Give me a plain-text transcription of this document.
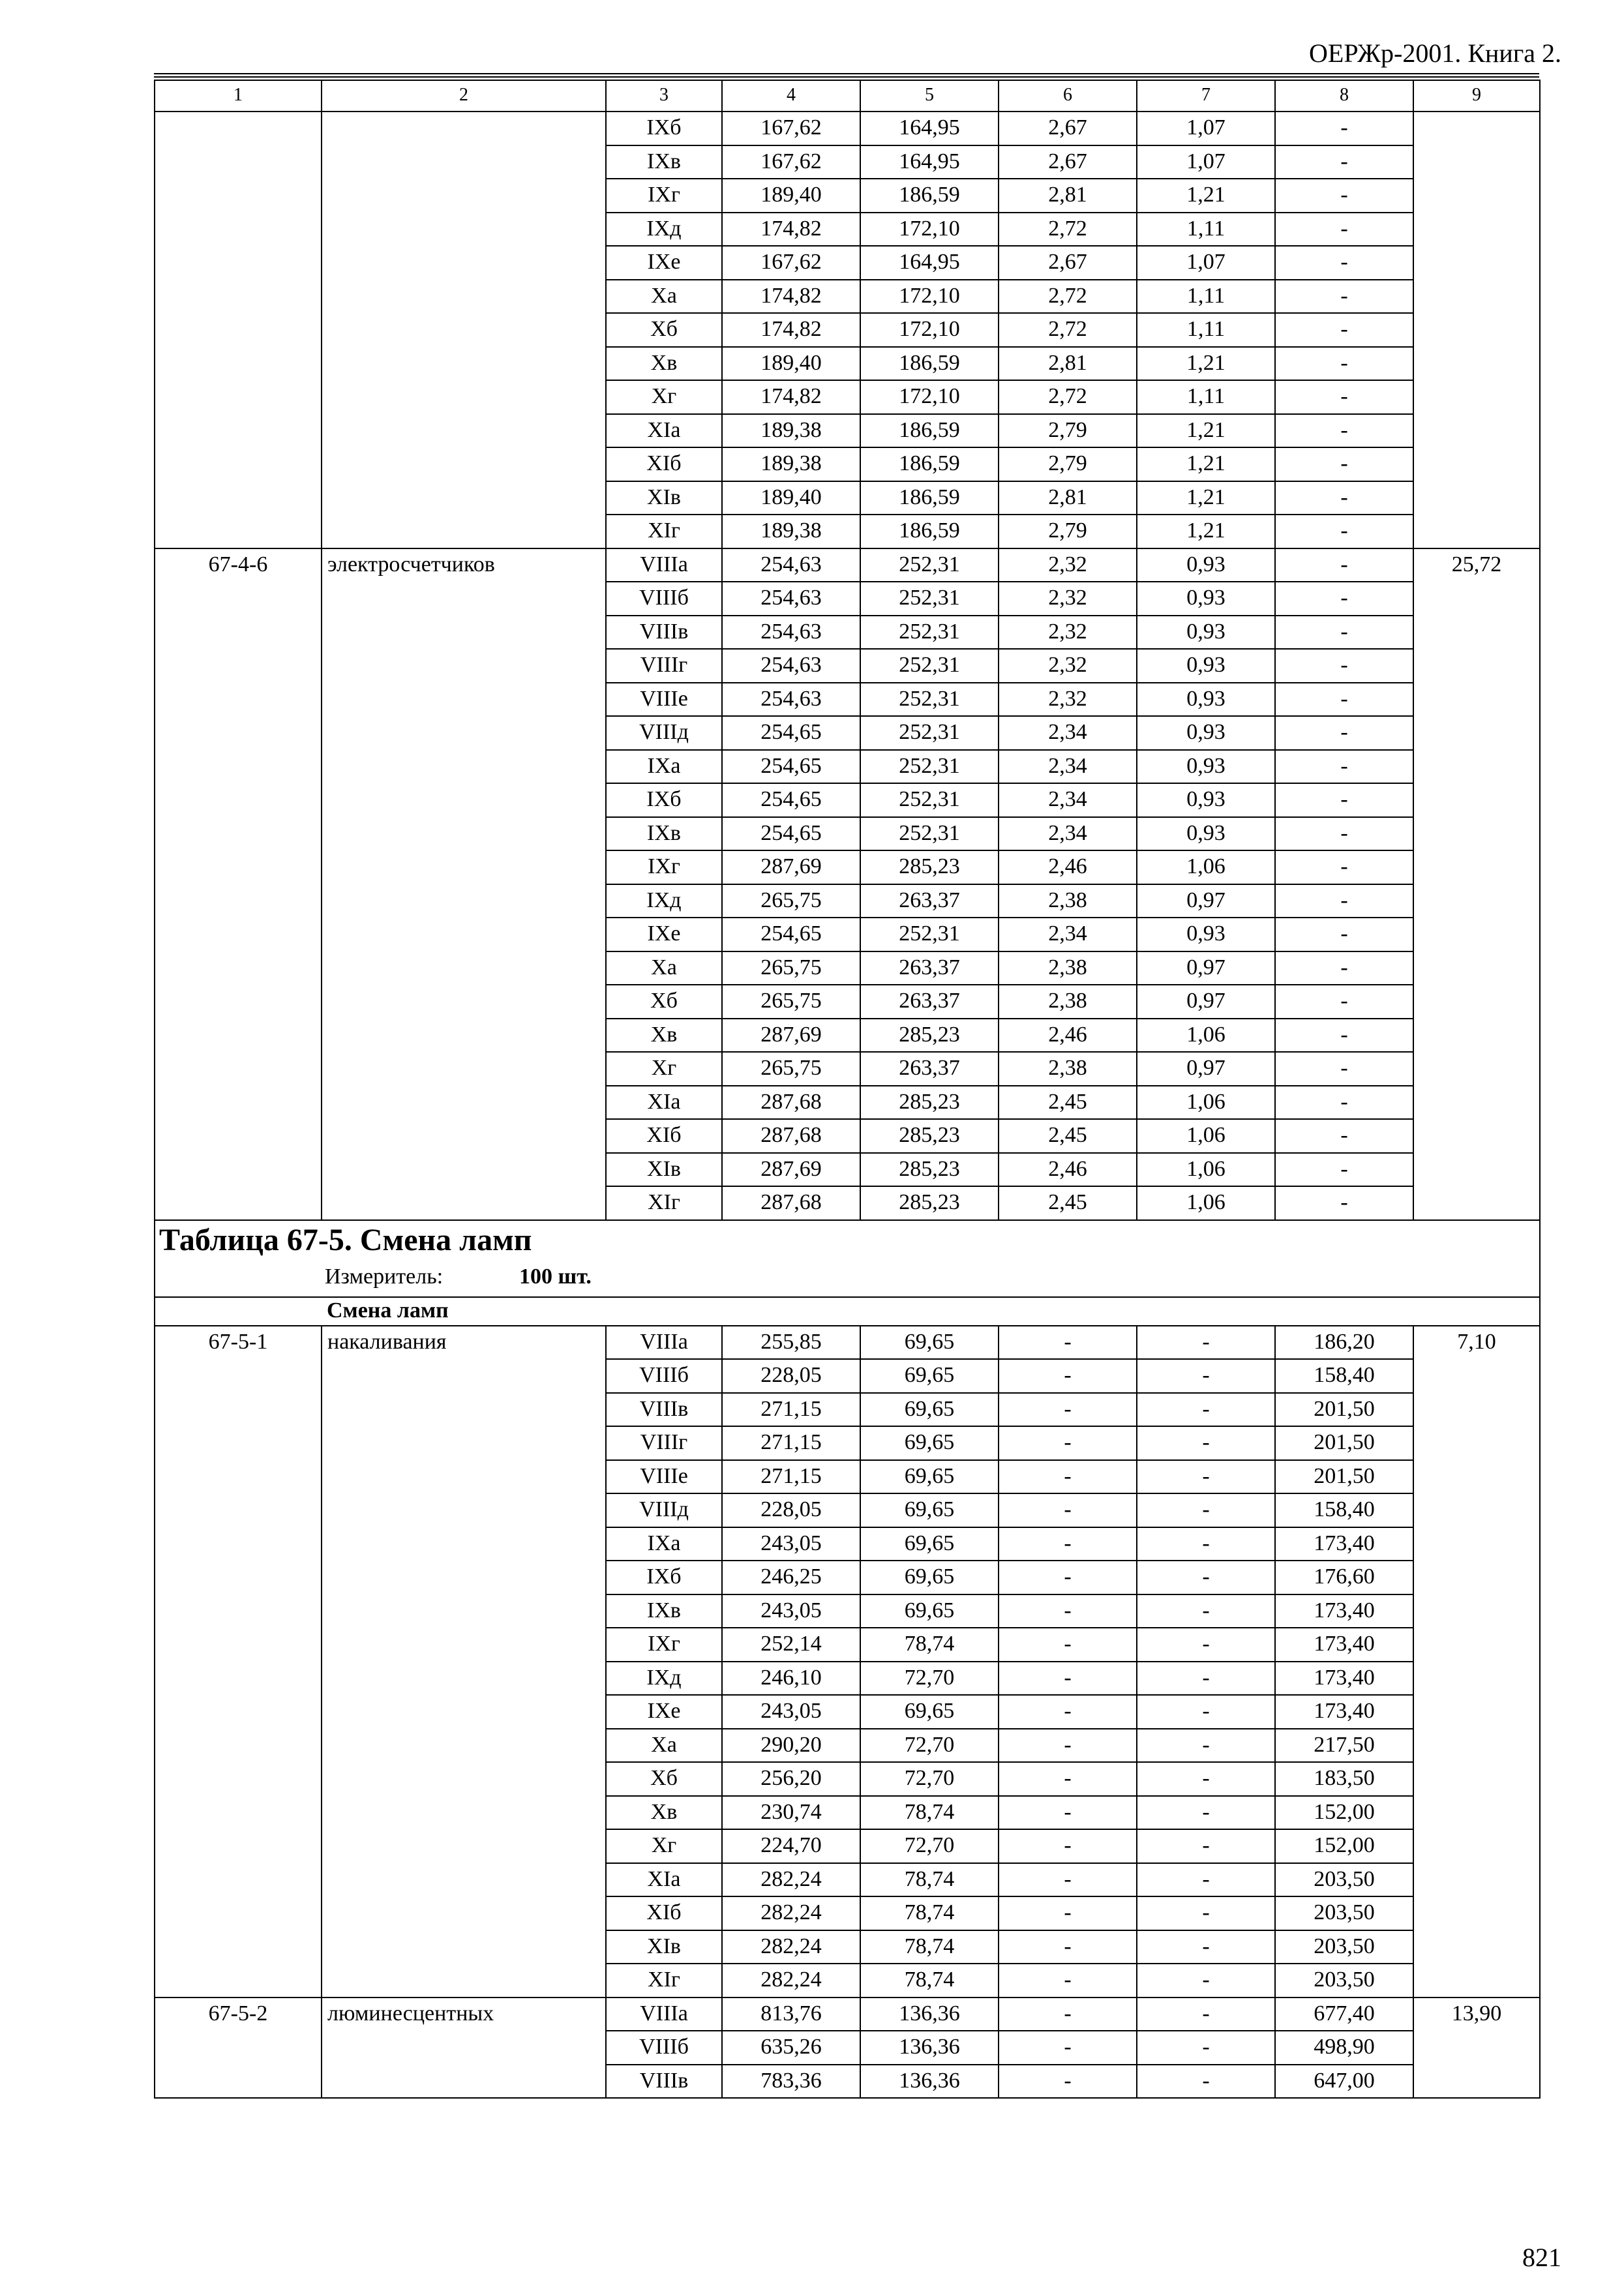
ОЕРЖр-2001. Книга 2.
1	2	3	4	5	6	7	8	9
		IXб	167,62	164,95	2,67	1,07	-	
		IXв	167,62	164,95	2,67	1,07	-	
		IXг	189,40	186,59	2,81	1,21	-	
		IXд	174,82	172,10	2,72	1,11	-	
		IXе	167,62	164,95	2,67	1,07	-	
		Xа	174,82	172,10	2,72	1,11	-	
		Xб	174,82	172,10	2,72	1,11	-	
		Xв	189,40	186,59	2,81	1,21	-	
		Xг	174,82	172,10	2,72	1,11	-	
		XIа	189,38	186,59	2,79	1,21	-	
		XIб	189,38	186,59	2,79	1,21	-	
		XIв	189,40	186,59	2,81	1,21	-	
		XIг	189,38	186,59	2,79	1,21	-	
67-4-6	электросчетчиков	VIIIа	254,63	252,31	2,32	0,93	-	25,72
		VIIIб	254,63	252,31	2,32	0,93	-	
		VIIIв	254,63	252,31	2,32	0,93	-	
		VIIIг	254,63	252,31	2,32	0,93	-	
		VIIIе	254,63	252,31	2,32	0,93	-	
		VIIIд	254,65	252,31	2,34	0,93	-	
		IXа	254,65	252,31	2,34	0,93	-	
		IXб	254,65	252,31	2,34	0,93	-	
		IXв	254,65	252,31	2,34	0,93	-	
		IXг	287,69	285,23	2,46	1,06	-	
		IXд	265,75	263,37	2,38	0,97	-	
		IXе	254,65	252,31	2,34	0,93	-	
		Xа	265,75	263,37	2,38	0,97	-	
		Xб	265,75	263,37	2,38	0,97	-	
		Xв	287,69	285,23	2,46	1,06	-	
		Xг	265,75	263,37	2,38	0,97	-	
		XIа	287,68	285,23	2,45	1,06	-	
		XIб	287,68	285,23	2,45	1,06	-	
		XIв	287,69	285,23	2,46	1,06	-	
		XIг	287,68	285,23	2,45	1,06	-	

Таблица 67-5. Смена ламп
Измеритель: 100 шт.								

	Смена ламп							
67-5-1	накаливания	VIIIа	255,85	69,65	-	-	186,20	7,10
		VIIIб	228,05	69,65	-	-	158,40	
		VIIIв	271,15	69,65	-	-	201,50	
		VIIIг	271,15	69,65	-	-	201,50	
		VIIIе	271,15	69,65	-	-	201,50	
		VIIIд	228,05	69,65	-	-	158,40	
		IXа	243,05	69,65	-	-	173,40	
		IXб	246,25	69,65	-	-	176,60	
		IXв	243,05	69,65	-	-	173,40	
		IXг	252,14	78,74	-	-	173,40	
		IXд	246,10	72,70	-	-	173,40	
		IXе	243,05	69,65	-	-	173,40	
		Xа	290,20	72,70	-	-	217,50	
		Xб	256,20	72,70	-	-	183,50	
		Xв	230,74	78,74	-	-	152,00	
		Xг	224,70	72,70	-	-	152,00	
		XIа	282,24	78,74	-	-	203,50	
		XIб	282,24	78,74	-	-	203,50	
		XIв	282,24	78,74	-	-	203,50	
		XIг	282,24	78,74	-	-	203,50	
67-5-2	люминесцентных	VIIIа	813,76	136,36	-	-	677,40	13,90
		VIIIб	635,26	136,36	-	-	498,90	
		VIIIв	783,36	136,36	-	-	647,00	
821
